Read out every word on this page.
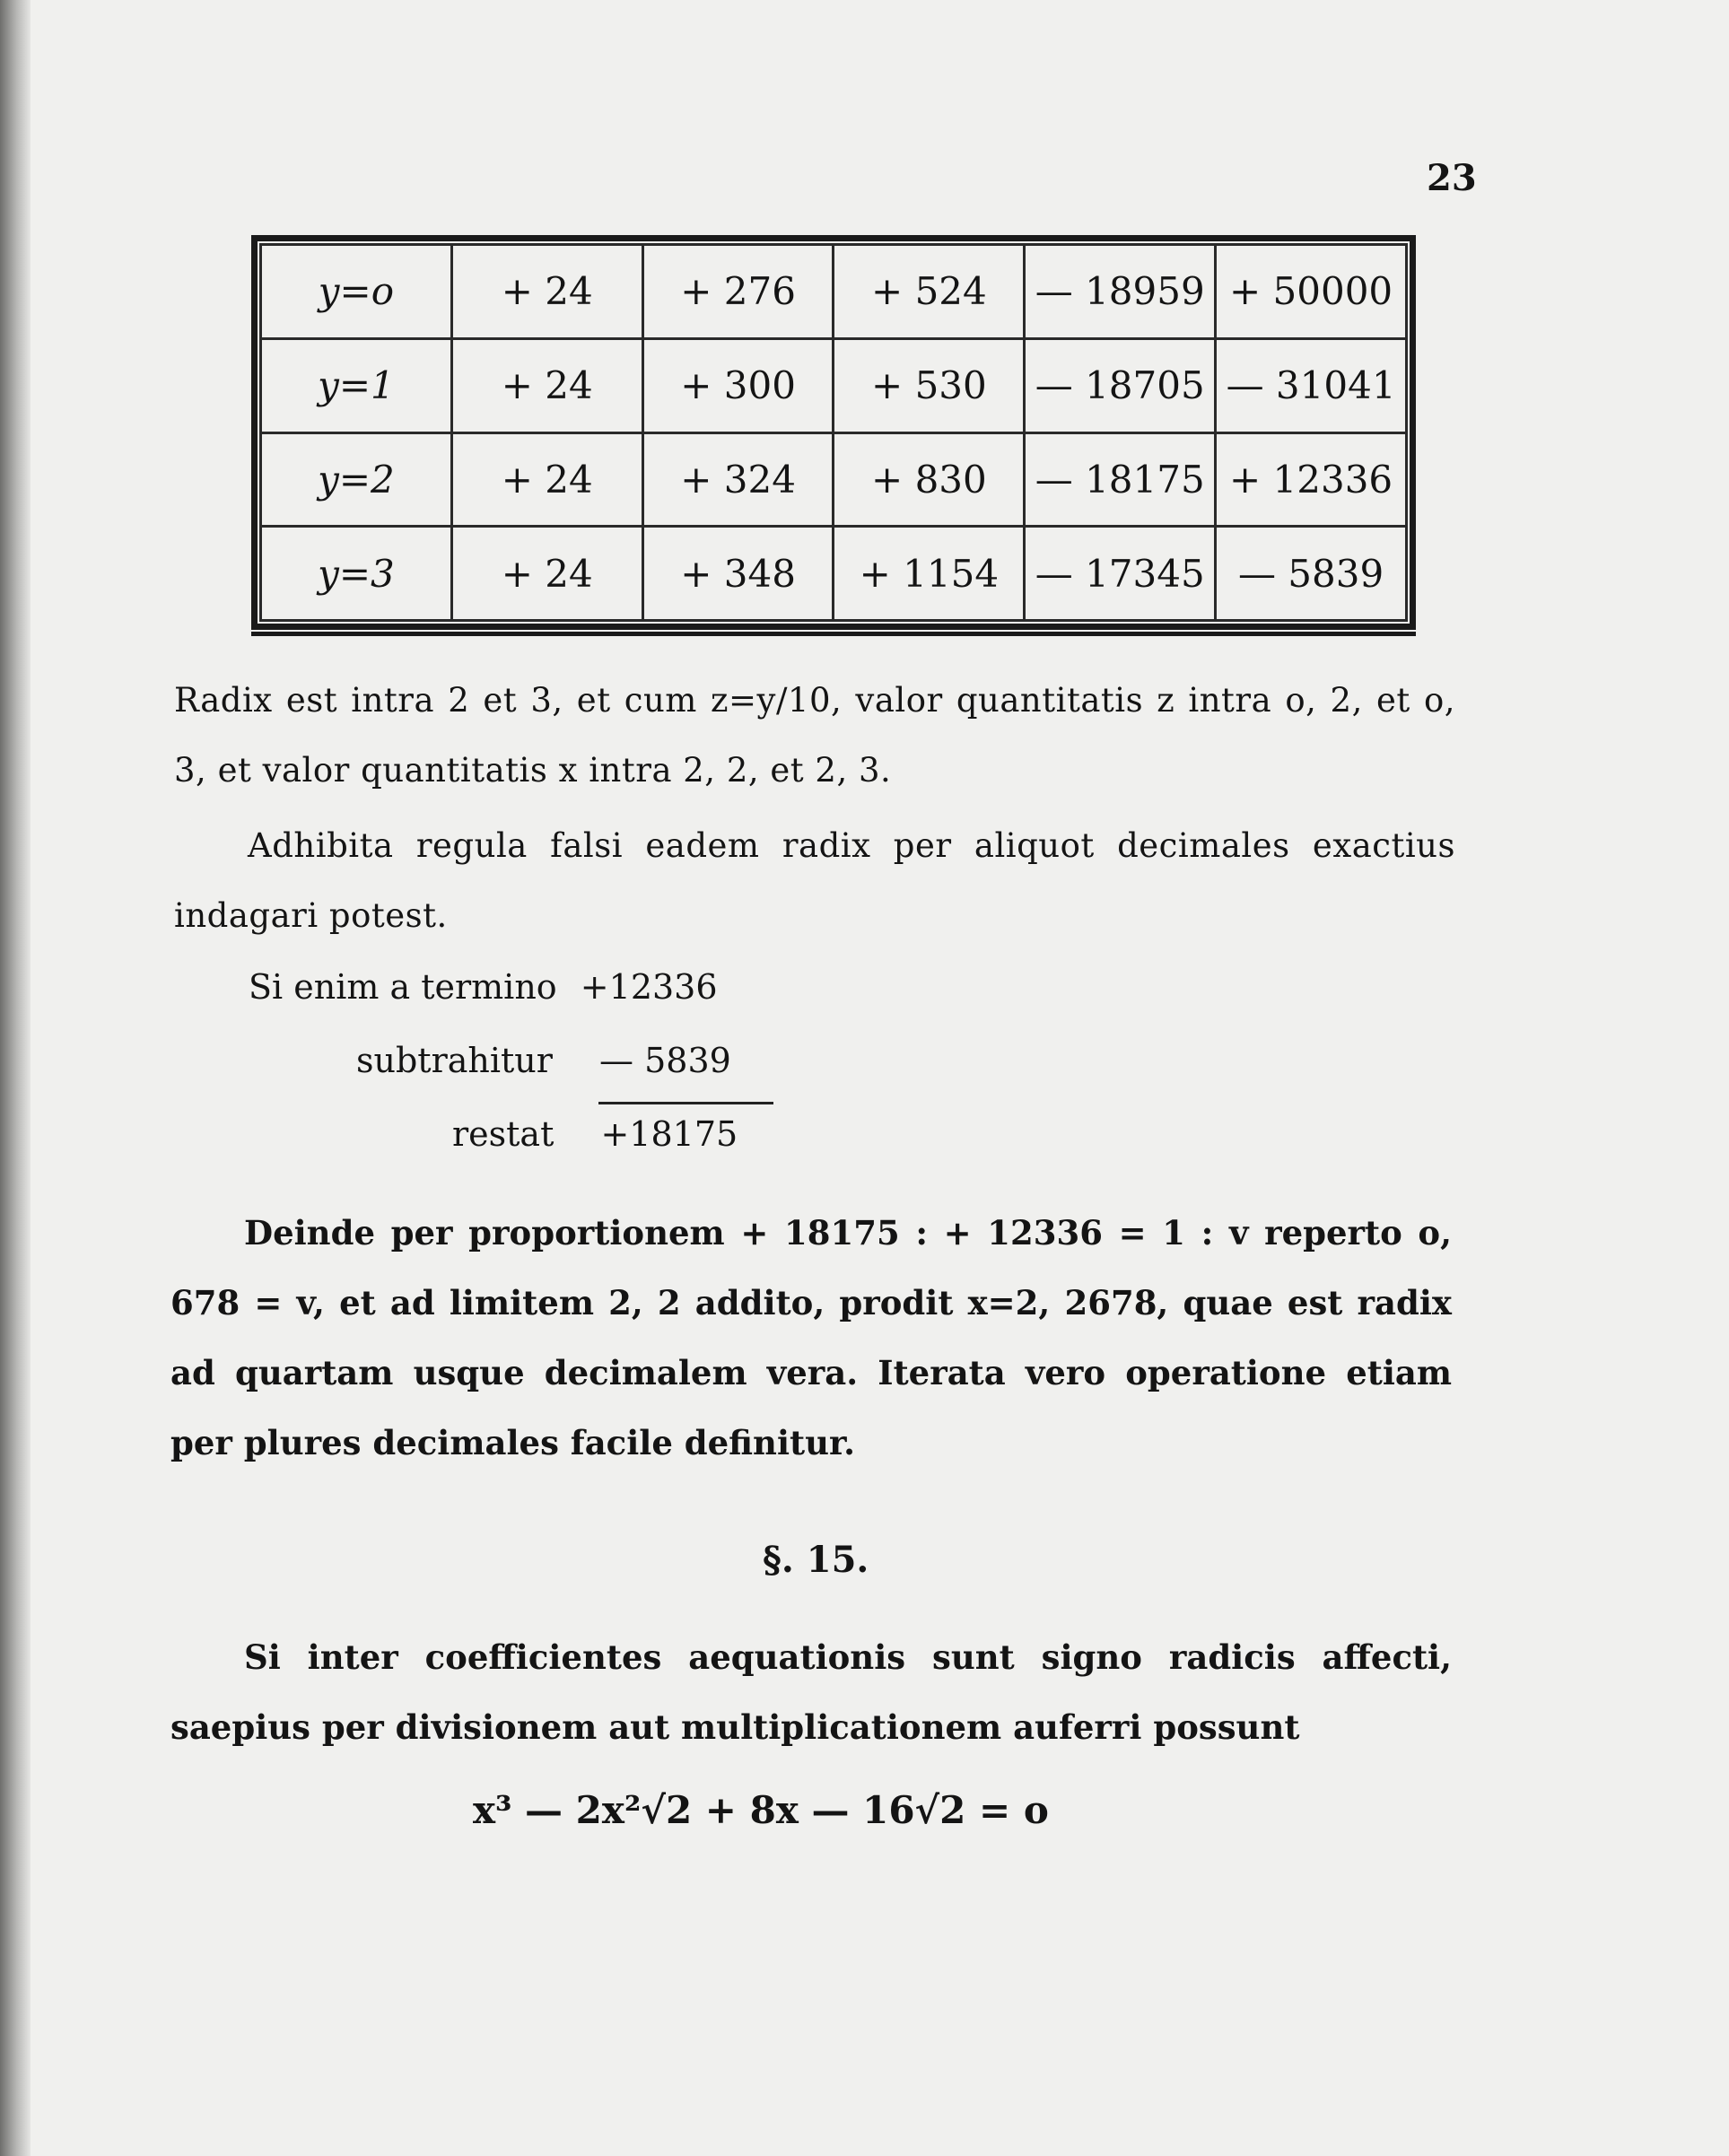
23
y=o	+ 24	+ 276	+ 524	— 18959	+ 50000
y=1	+ 24	+ 300	+ 530	— 18705	— 31041
y=2	+ 24	+ 324	+ 830	— 18175	+ 12336
y=3	+ 24	+ 348	+ 1154	— 17345	— 5839

Radix est intra 2 et 3, et cum z=y/10, valor quantitatis z intra o, 2, et o, 3, et valor quantitatis x intra 2, 2, et 2, 3.

Adhibita regula falsi eadem radix per aliquot decimales exactius indagari potest.

Si enim a termino +12336
subtrahitur — 5839
restat +18175

Deinde per proportionem + 18175 : + 12336 = 1 : v reperto o, 678 = v, et ad limitem 2, 2 addito, prodit x=2, 2678, quae est radix ad quartam usque decimalem vera. Iterata vero operatione etiam per plures decimales facile definitur.

§. 15.

Si inter coefficientes aequationis sunt signo radicis affecti, saepius per divisionem aut multiplicationem auferri possunt

x³ — 2x²√2 + 8x — 16√2 = o
